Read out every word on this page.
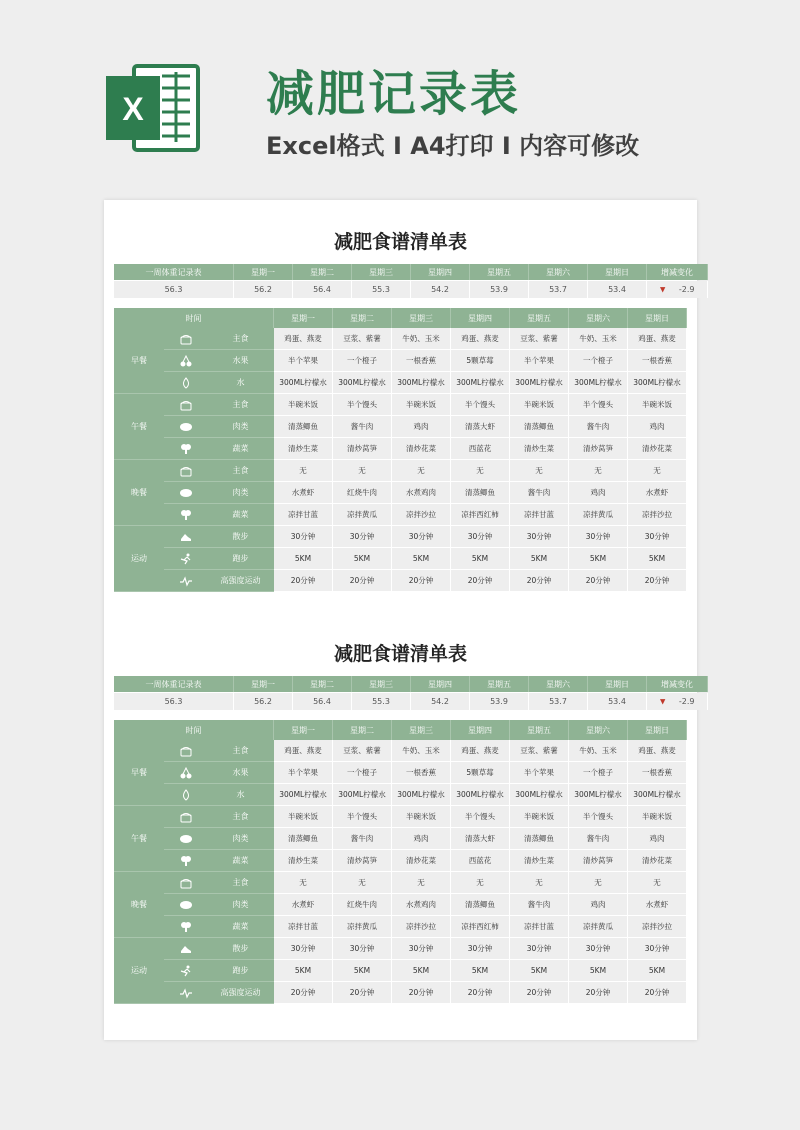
X	减肥记录表
Excel格式 I A4打印 I 内容可修改
减肥食谱清单表
一周体重记录表	星期一	星期二	星期三	星期四	星期五	星期六	星期日	增减变化
56.3	56.2	56.4	55.3	54.2	53.9	53.7	53.4	▲ -2.9
时间	星期一	星期二	星期三	星期四	星期五	星期六	星期日
早餐
主食	鸡蛋、燕麦	豆浆、紫薯	牛奶、玉米	鸡蛋、燕麦	豆浆、紫薯	牛奶、玉米	鸡蛋、燕麦
水果	半个苹果	一个橙子	一根香蕉	5颗草莓	半个苹果	一个橙子	一根香蕉
水	300ML柠檬水	300ML柠檬水	300ML柠檬水	300ML柠檬水	300ML柠檬水	300ML柠檬水	300ML柠檬水
午餐
主食	半碗米饭	半个馒头	半碗米饭	半个馒头	半碗米饭	半个馒头	半碗米饭
肉类	清蒸鲫鱼	酱牛肉	鸡肉	清蒸大虾	清蒸鲫鱼	酱牛肉	鸡肉
蔬菜	清炒生菜	清炒莴笋	清炒花菜	西蓝花	清炒生菜	清炒莴笋	清炒花菜
晚餐
主食	无	无	无	无	无	无	无
肉类	水煮虾	红烧牛肉	水煮鸡肉	清蒸鲫鱼	酱牛肉	鸡肉	水煮虾
蔬菜	凉拌甘蓝	凉拌黄瓜	凉拌沙拉	凉拌西红柿	凉拌甘蓝	凉拌黄瓜	凉拌沙拉
运动
散步	30分钟	30分钟	30分钟	30分钟	30分钟	30分钟	30分钟
跑步	5KM	5KM	5KM	5KM	5KM	5KM	5KM
高强度运动	20分钟	20分钟	20分钟	20分钟	20分钟	20分钟	20分钟
减肥食谱清单表
一周体重记录表	星期一	星期二	星期三	星期四	星期五	星期六	星期日	增减变化
56.3	56.2	56.4	55.3	54.2	53.9	53.7	53.4	▲ -2.9
时间	星期一	星期二	星期三	星期四	星期五	星期六	星期日
早餐
主食	鸡蛋、燕麦	豆浆、紫薯	牛奶、玉米	鸡蛋、燕麦	豆浆、紫薯	牛奶、玉米	鸡蛋、燕麦
水果	半个苹果	一个橙子	一根香蕉	5颗草莓	半个苹果	一个橙子	一根香蕉
水	300ML柠檬水	300ML柠檬水	300ML柠檬水	300ML柠檬水	300ML柠檬水	300ML柠檬水	300ML柠檬水
午餐
主食	半碗米饭	半个馒头	半碗米饭	半个馒头	半碗米饭	半个馒头	半碗米饭
肉类	清蒸鲫鱼	酱牛肉	鸡肉	清蒸大虾	清蒸鲫鱼	酱牛肉	鸡肉
蔬菜	清炒生菜	清炒莴笋	清炒花菜	西蓝花	清炒生菜	清炒莴笋	清炒花菜
晚餐
主食	无	无	无	无	无	无	无
肉类	水煮虾	红烧牛肉	水煮鸡肉	清蒸鲫鱼	酱牛肉	鸡肉	水煮虾
蔬菜	凉拌甘蓝	凉拌黄瓜	凉拌沙拉	凉拌西红柿	凉拌甘蓝	凉拌黄瓜	凉拌沙拉
运动
散步	30分钟	30分钟	30分钟	30分钟	30分钟	30分钟	30分钟
跑步	5KM	5KM	5KM	5KM	5KM	5KM	5KM
高强度运动	20分钟	20分钟	20分钟	20分钟	20分钟	20分钟	20分钟
